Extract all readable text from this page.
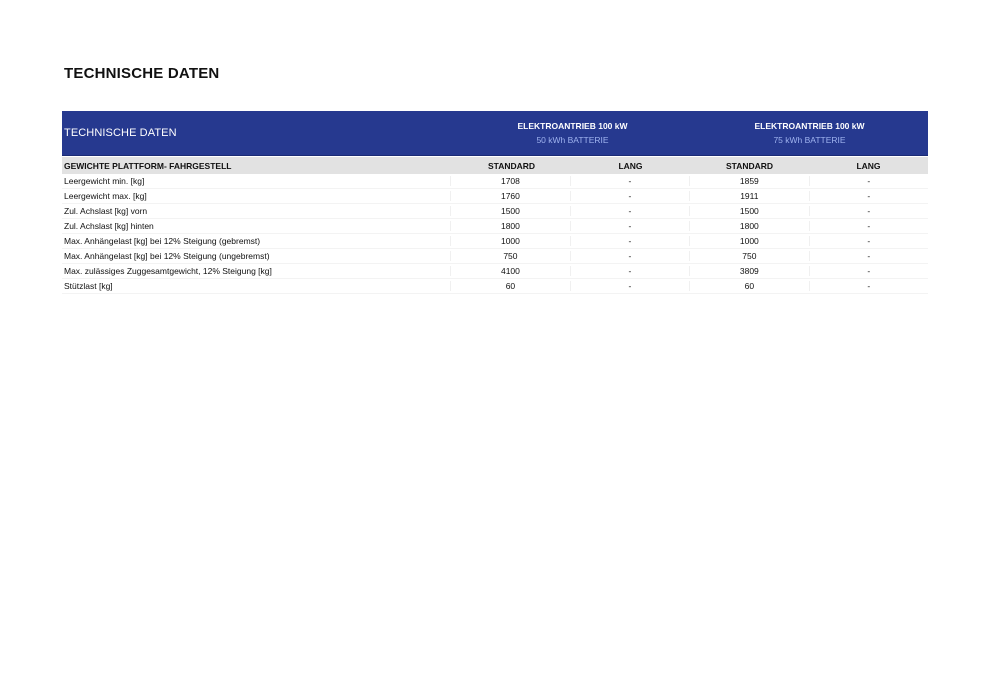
TECHNISCHE DATEN
TECHNISCHE DATEN
ELEKTROANTRIEB 100 kW
50 kWh BATTERIE
ELEKTROANTRIEB 100 kW
75 kWh BATTERIE
GEWICHTE PLATTFORM- FAHRGESTELL	STANDARD	LANG	STANDARD	LANG
Leergewicht min. [kg]	1708	-	1859	-
Leergewicht max. [kg]	1760	-	1911	-
Zul. Achslast [kg] vorn	1500	-	1500	-
Zul. Achslast [kg] hinten	1800	-	1800	-
Max. Anhängelast [kg] bei 12% Steigung (gebremst)	1000	-	1000	-
Max. Anhängelast [kg] bei 12% Steigung (ungebremst)	750	-	750	-
Max. zulässiges Zuggesamtgewicht, 12% Steigung [kg]	4100	-	3809	-
Stützlast [kg]	60	-	60	-
